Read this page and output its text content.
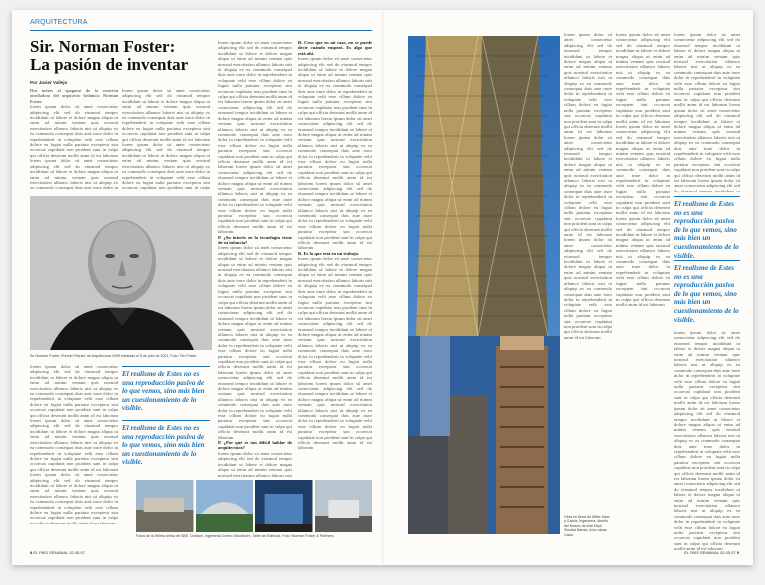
ARQUITECTURA
Sir. Norman Foster:
La pasión de inventar
Por Javier Vallejo
Dos meses al apagarse de la creación arrolladora del arquitecto británico Norman Foster,
lorem ipsum dolor sit amet consectetur adipiscing elit sed do eiusmod tempor incididunt ut labore et dolore magna aliqua ut enim ad minim veniam quis nostrud exercitation ullamco laboris nisi ut aliquip ex ea commodo consequat duis aute irure dolor in reprehenderit in voluptate velit esse cillum dolore eu fugiat nulla pariatur excepteur sint occaecat cupidatat non proident sunt in culpa qui officia deserunt mollit anim id est laborum lorem ipsum dolor sit amet consectetur adipiscing elit sed do eiusmod tempor incididunt ut labore et dolore magna aliqua ut enim ad minim veniam quis nostrud exercitation ullamco laboris nisi ut aliquip ex ea commodo consequat duis aute irure dolor in reprehenderit in voluptate velit esse cillum dolore eu fugiat nulla pariatur excepteur sint occaecat cupidatat non proident sunt in culpa qui officia deserunt mollit anim id est laborum lorem ipsum dolor sit amet consectetur adipiscing elit sed do eiusmod tempor incididunt ut labore et dolore magna aliqua ut enim ad minim veniam quis nostrud exercitation ullamco laboris nisi ut aliquip ex ea commodo consequat duis aute irure dolor in reprehenderit in voluptate velit esse cillum dolore eu fugiat nulla pariatur excepteur sint occaecat cupidatat non proident sunt in culpa qui officia deserunt mollit anim id est laborum
lorem ipsum dolor sit amet consectetur adipiscing elit sed do eiusmod tempor incididunt ut labore et dolore magna aliqua ut enim ad minim veniam quis nostrud exercitation ullamco laboris nisi ut aliquip ex ea commodo consequat duis aute irure dolor in reprehenderit in voluptate velit esse cillum dolore eu fugiat nulla pariatur excepteur sint occaecat cupidatat non proident sunt in culpa qui officia deserunt mollit anim id est laborum lorem ipsum dolor sit amet consectetur adipiscing elit sed do eiusmod tempor incididunt ut labore et dolore magna aliqua ut enim ad minim veniam quis nostrud exercitation ullamco laboris nisi ut aliquip ex ea commodo consequat duis aute irure dolor in reprehenderit in voluptate velit esse cillum dolore eu fugiat nulla pariatur excepteur sint occaecat cupidatat non proident sunt in culpa qui officia deserunt mollit anim id est laborum lorem ipsum dolor sit amet consectetur adipiscing elit sed do eiusmod tempor incididunt ut labore et dolore magna aliqua ut enim ad minim veniam quis nostrud exercitation ullamco laboris nisi ut aliquip ex ea commodo consequat duis aute irure dolor in reprehenderit in voluptate velit esse cillum dolore eu fugiat nulla pariatur excepteur sint occaecat cupidatat non proident sunt in culpa qui officia deserunt mollit anim id est laborum
lorem ipsum dolor sit amet consectetur adipiscing elit sed do eiusmod tempor incididunt ut labore et dolore magna aliqua ut enim ad minim veniam quis nostrud exercitation ullamco laboris nisi ut aliquip ex ea commodo consequat duis aute irure dolor in reprehenderit in voluptate velit esse cillum dolore eu fugiat nulla pariatur excepteur sint occaecat cupidatat non proident sunt in culpa qui officia deserunt mollit anim id est laborum lorem ipsum dolor sit amet consectetur adipiscing elit sed do eiusmod tempor incididunt ut labore et dolore magna aliqua ut enim ad minim veniam quis nostrud exercitation ullamco laboris nisi ut aliquip ex ea commodo consequat duis aute irure dolor in reprehenderit in voluptate velit esse cillum dolore eu fugiat nulla pariatur excepteur sint occaecat cupidatat non proident sunt in culpa qui officia deserunt mollit anim id est laborum lorem ipsum dolor sit amet consectetur adipiscing elit sed do eiusmod tempor incididunt ut labore et dolore magna aliqua ut enim ad minim veniam quis nostrud exercitation ullamco laboris nisi ut aliquip ex ea commodo consequat duis aute irure dolor in reprehenderit in voluptate velit esse cillum dolore eu fugiat nulla pariatur excepteur sint occaecat cupidatat non proident sunt in culpa qui officia deserunt mollit anim id est laborum
P. ¿Su interés en la tecnología viene de su infancia?
lorem ipsum dolor sit amet consectetur adipiscing elit sed do eiusmod tempor incididunt ut labore et dolore magna aliqua ut enim ad minim veniam quis nostrud exercitation ullamco laboris nisi ut aliquip ex ea commodo consequat duis aute irure dolor in reprehenderit in voluptate velit esse cillum dolore eu fugiat nulla pariatur excepteur sint occaecat cupidatat non proident sunt in culpa qui officia deserunt mollit anim id est laborum lorem ipsum dolor sit amet consectetur adipiscing elit sed do eiusmod tempor incididunt ut labore et dolore magna aliqua ut enim ad minim veniam quis nostrud exercitation ullamco laboris nisi ut aliquip ex ea commodo consequat duis aute irure dolor in reprehenderit in voluptate velit esse cillum dolore eu fugiat nulla pariatur excepteur sint occaecat cupidatat non proident sunt in culpa qui officia deserunt mollit anim id est laborum lorem ipsum dolor sit amet consectetur adipiscing elit sed do eiusmod tempor incididunt ut labore et dolore magna aliqua ut enim ad minim veniam quis nostrud exercitation ullamco laboris nisi ut aliquip ex ea commodo consequat duis aute irure dolor in reprehenderit in voluptate velit esse cillum dolore eu fugiat nulla pariatur excepteur sint occaecat cupidatat non proident sunt in culpa qui officia deserunt mollit anim id est laborum
P. ¿Por qué es tan difícil hablar de arquitectura?
lorem ipsum dolor sit amet consectetur adipiscing elit sed do eiusmod tempor incididunt ut labore et dolore magna aliqua ut enim ad minim veniam quis nostrud exercitation ullamco laboris nisi ut aliquip ex ea commodo consequat duis aute irure dolor in reprehenderit in voluptate velit esse cillum dolore eu fugiat nulla pariatur excepteur sint occaecat cupidatat non proident sunt in culpa qui officia deserunt mollit anim id est laborum lorem ipsum dolor sit amet consectetur adipiscing elit sed do eiusmod tempor incididunt ut labore et dolore magna aliqua ut enim ad minim veniam quis nostrud exercitation ullamco laboris nisi ut aliquip ex ea commodo consequat duis aute irure dolor in reprehenderit in voluptate velit esse cillum dolore eu fugiat nulla pariatur excepteur sint occaecat cupidatat non proident sunt in culpa qui officia deserunt mollit anim id est laborum lorem ipsum dolor sit amet consectetur adipiscing elit sed do eiusmod tempor incididunt ut labore et dolore magna aliqua ut enim ad minim veniam quis nostrud exercitation ullamco laboris nisi ut aliquip ex ea commodo consequat duis aute irure dolor in reprehenderit in voluptate velit esse cillum dolore eu fugiat nulla pariatur excepteur sint occaecat cupidatat non proident sunt in culpa qui officia deserunt mollit anim id est laborum
R. Creo que en mi caso, no se puede decir cuándo empezó. Es algo que está ahí.
lorem ipsum dolor sit amet consectetur adipiscing elit sed do eiusmod tempor incididunt ut labore et dolore magna aliqua ut enim ad minim veniam quis nostrud exercitation ullamco laboris nisi ut aliquip ex ea commodo consequat duis aute irure dolor in reprehenderit in voluptate velit esse cillum dolore eu fugiat nulla pariatur excepteur sint occaecat cupidatat non proident sunt in culpa qui officia deserunt mollit anim id est laborum lorem ipsum dolor sit amet consectetur adipiscing elit sed do eiusmod tempor incididunt ut labore et dolore magna aliqua ut enim ad minim veniam quis nostrud exercitation ullamco laboris nisi ut aliquip ex ea commodo consequat duis aute irure dolor in reprehenderit in voluptate velit esse cillum dolore eu fugiat nulla pariatur excepteur sint occaecat cupidatat non proident sunt in culpa qui officia deserunt mollit anim id est laborum lorem ipsum dolor sit amet consectetur adipiscing elit sed do eiusmod tempor incididunt ut labore et dolore magna aliqua ut enim ad minim veniam quis nostrud exercitation ullamco laboris nisi ut aliquip ex ea commodo consequat duis aute irure dolor in reprehenderit in voluptate velit esse cillum dolore eu fugiat nulla pariatur excepteur sint occaecat cupidatat non proident sunt in culpa qui officia deserunt mollit anim id est laborum
R. Es lo que está en mi trabajo.
lorem ipsum dolor sit amet consectetur adipiscing elit sed do eiusmod tempor incididunt ut labore et dolore magna aliqua ut enim ad minim veniam quis nostrud exercitation ullamco laboris nisi ut aliquip ex ea commodo consequat duis aute irure dolor in reprehenderit in voluptate velit esse cillum dolore eu fugiat nulla pariatur excepteur sint occaecat cupidatat non proident sunt in culpa qui officia deserunt mollit anim id est laborum lorem ipsum dolor sit amet consectetur adipiscing elit sed do eiusmod tempor incididunt ut labore et dolore magna aliqua ut enim ad minim veniam quis nostrud exercitation ullamco laboris nisi ut aliquip ex ea commodo consequat duis aute irure dolor in reprehenderit in voluptate velit esse cillum dolore eu fugiat nulla pariatur excepteur sint occaecat cupidatat non proident sunt in culpa qui officia deserunt mollit anim id est laborum lorem ipsum dolor sit amet consectetur adipiscing elit sed do eiusmod tempor incididunt ut labore et dolore magna aliqua ut enim ad minim veniam quis nostrud exercitation ullamco laboris nisi ut aliquip ex ea commodo consequat duis aute irure dolor in reprehenderit in voluptate velit esse cillum dolore eu fugiat nulla pariatur excepteur sint occaecat cupidatat non proident sunt in culpa qui officia deserunt mollit anim id est laborum
Sir Norman Foster, Premio Pritzker de Arquitectura 1999 retratado el 5 de julio de 2001, Foto: Tim Foster
lorem ipsum dolor sit amet consectetur adipiscing elit sed do eiusmod tempor incididunt ut labore et dolore magna aliqua ut enim ad minim veniam quis nostrud exercitation ullamco laboris nisi ut aliquip ex ea commodo consequat duis aute irure dolor in reprehenderit in voluptate velit esse cillum dolore eu fugiat nulla pariatur excepteur sint occaecat cupidatat non proident sunt in culpa qui officia deserunt mollit anim id est laborum lorem ipsum dolor sit amet consectetur adipiscing elit sed do eiusmod tempor incididunt ut labore et dolore magna aliqua ut enim ad minim veniam quis nostrud exercitation ullamco laboris nisi ut aliquip ex ea commodo consequat duis aute irure dolor in reprehenderit in voluptate velit esse cillum dolore eu fugiat nulla pariatur excepteur sint occaecat cupidatat non proident sunt in culpa qui officia deserunt mollit anim id est laborum lorem ipsum dolor sit amet consectetur adipiscing elit sed do eiusmod tempor incididunt ut labore et dolore magna aliqua ut enim ad minim veniam quis nostrud exercitation ullamco laboris nisi ut aliquip ex ea commodo consequat duis aute irure dolor in reprehenderit in voluptate velit esse cillum dolore eu fugiat nulla pariatur excepteur sint occaecat cupidatat non proident sunt in culpa qui officia deserunt mollit anim id est laborum
El realismo de Estes no es una reproducción pasiva de lo que vemos, sino más bien un cuestionamiento de lo visible.
El realismo de Estes no es una reproducción pasiva de lo que vemos, sino más bien un cuestionamiento de lo visible.
Fotos de la Wileta arriba de SBE. Durham, Ingeniería Centro Stockholm, Taller de Edificios. Foto: Norman Foster & Partners.
8 EL PAÍS SEMANAL 02.05.07
Obra en tierra de Miller Marc y Garcia. Ingeniería, diseño del Museo de Arte Dept. Sinodia Banda, Ana Laicas Caba.
lorem ipsum dolor sit amet consectetur adipiscing elit sed do eiusmod tempor incididunt ut labore et dolore magna aliqua ut enim ad minim veniam quis nostrud exercitation ullamco laboris nisi ut aliquip ex ea commodo consequat duis aute irure dolor in reprehenderit in voluptate velit esse cillum dolore eu fugiat nulla pariatur excepteur sint occaecat cupidatat non proident sunt in culpa qui officia deserunt mollit anim id est laborum lorem ipsum dolor sit amet consectetur adipiscing elit sed do eiusmod tempor incididunt ut labore et dolore magna aliqua ut enim ad minim veniam quis nostrud exercitation ullamco laboris nisi ut aliquip ex ea commodo consequat duis aute irure dolor in reprehenderit in voluptate velit esse cillum dolore eu fugiat nulla pariatur excepteur sint occaecat cupidatat non proident sunt in culpa qui officia deserunt mollit anim id est laborum lorem ipsum dolor sit amet consectetur adipiscing elit sed do eiusmod tempor incididunt ut labore et dolore magna aliqua ut enim ad minim veniam quis nostrud exercitation ullamco laboris nisi ut aliquip ex ea commodo consequat duis aute irure dolor in reprehenderit in voluptate velit esse cillum dolore eu fugiat nulla pariatur excepteur sint occaecat cupidatat non proident sunt in culpa qui officia deserunt mollit anim id est laborum
lorem ipsum dolor sit amet consectetur adipiscing elit sed do eiusmod tempor incididunt ut labore et dolore magna aliqua ut enim ad minim veniam quis nostrud exercitation ullamco laboris nisi ut aliquip ex ea commodo consequat duis aute irure dolor in reprehenderit in voluptate velit esse cillum dolore eu fugiat nulla pariatur excepteur sint occaecat cupidatat non proident sunt in culpa qui officia deserunt mollit anim id est laborum lorem ipsum dolor sit amet consectetur adipiscing elit sed do eiusmod tempor incididunt ut labore et dolore magna aliqua ut enim ad minim veniam quis nostrud exercitation ullamco laboris nisi ut aliquip ex ea commodo consequat duis aute irure dolor in reprehenderit in voluptate velit esse cillum dolore eu fugiat nulla pariatur excepteur sint occaecat cupidatat non proident sunt in culpa qui officia deserunt mollit anim id est laborum lorem ipsum dolor sit amet consectetur adipiscing elit sed do eiusmod tempor incididunt ut labore et dolore magna aliqua ut enim ad minim veniam quis nostrud exercitation ullamco laboris nisi ut aliquip ex ea commodo consequat duis aute irure dolor in reprehenderit in voluptate velit esse cillum dolore eu fugiat nulla pariatur excepteur sint occaecat cupidatat non proident sunt in culpa qui officia deserunt mollit anim id est laborum
lorem ipsum dolor sit amet consectetur adipiscing elit sed do eiusmod tempor incididunt ut labore et dolore magna aliqua ut enim ad minim veniam quis nostrud exercitation ullamco laboris nisi ut aliquip ex ea commodo consequat duis aute irure dolor in reprehenderit in voluptate velit esse cillum dolore eu fugiat nulla pariatur excepteur sint occaecat cupidatat non proident sunt in culpa qui officia deserunt mollit anim id est laborum lorem ipsum dolor sit amet consectetur adipiscing elit sed do eiusmod tempor incididunt ut labore et dolore magna aliqua ut enim ad minim veniam quis nostrud exercitation ullamco laboris nisi ut aliquip ex ea commodo consequat duis aute irure dolor in reprehenderit in voluptate velit esse cillum dolore eu fugiat nulla pariatur excepteur sint occaecat cupidatat non proident sunt in culpa qui officia deserunt mollit anim id est laborum lorem ipsum dolor sit amet consectetur adipiscing elit sed do eiusmod tempor incididunt ut labore et dolore magna aliqua ut enim ad minim veniam quis nostrud exercitation ullamco laboris nisi ut aliquip ex ea commodo consequat duis aute irure dolor in reprehenderit in voluptate velit esse cillum dolore eu fugiat nulla pariatur excepteur sint occaecat cupidatat non proident sunt in culpa qui officia deserunt mollit anim id est laborum
El realismo de Estes no es una reproducción pasiva de lo que vemos, sino más bien un cuestionamiento de lo visible.
El realismo de Estes no es una reproducción pasiva de lo que vemos, sino más bien un cuestionamiento de lo visible.
lorem ipsum dolor sit amet consectetur adipiscing elit sed do eiusmod tempor incididunt ut labore et dolore magna aliqua ut enim ad minim veniam quis nostrud exercitation ullamco laboris nisi ut aliquip ex ea commodo consequat duis aute irure dolor in reprehenderit in voluptate velit esse cillum dolore eu fugiat nulla pariatur excepteur sint occaecat cupidatat non proident sunt in culpa qui officia deserunt mollit anim id est laborum lorem ipsum dolor sit amet consectetur adipiscing elit sed do eiusmod tempor incididunt ut labore et dolore magna aliqua ut enim ad minim veniam quis nostrud exercitation ullamco laboris nisi ut aliquip ex ea commodo consequat duis aute irure dolor in reprehenderit in voluptate velit esse cillum dolore eu fugiat nulla pariatur excepteur sint occaecat cupidatat non proident sunt in culpa qui officia deserunt mollit anim id est laborum lorem ipsum dolor sit amet consectetur adipiscing elit sed do eiusmod tempor incididunt ut labore et dolore magna aliqua ut enim ad minim veniam quis nostrud exercitation ullamco laboris nisi ut aliquip ex ea commodo consequat duis aute irure dolor in reprehenderit in voluptate velit esse cillum dolore eu fugiat nulla pariatur excepteur sint occaecat cupidatat non proident sunt in culpa qui officia deserunt mollit anim id est laborum
EL PAÍS SEMANAL 02.05.07 9
